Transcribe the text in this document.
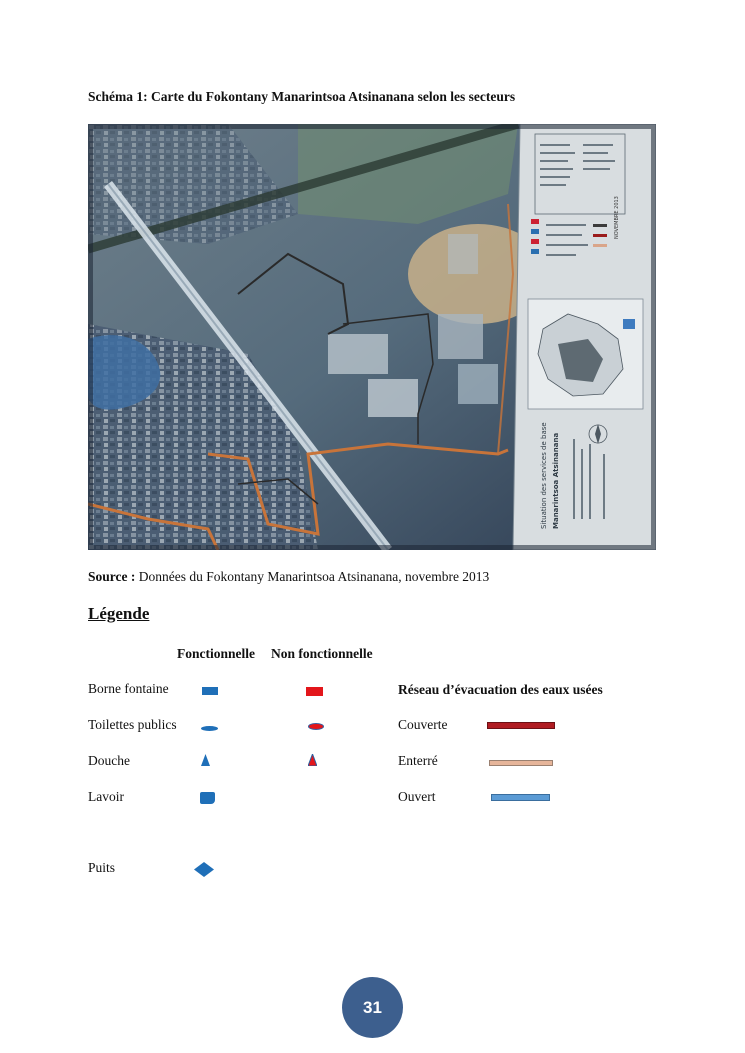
Schéma 1: Carte du Fokontany Manarintsoa Atsinanana selon les secteurs
NOVEMBRE 2013
Situation des services de base Manarintsoa Atsinanana
Source : Données du Fokontany Manarintsoa Atsinanana, novembre 2013
Légende
Fonctionnelle Non fonctionnelle
Borne fontaine
Toilettes publics
Douche
Lavoir
Puits
Réseau d’évacuation des eaux usées
Couverte
Enterré
Ouvert
31
